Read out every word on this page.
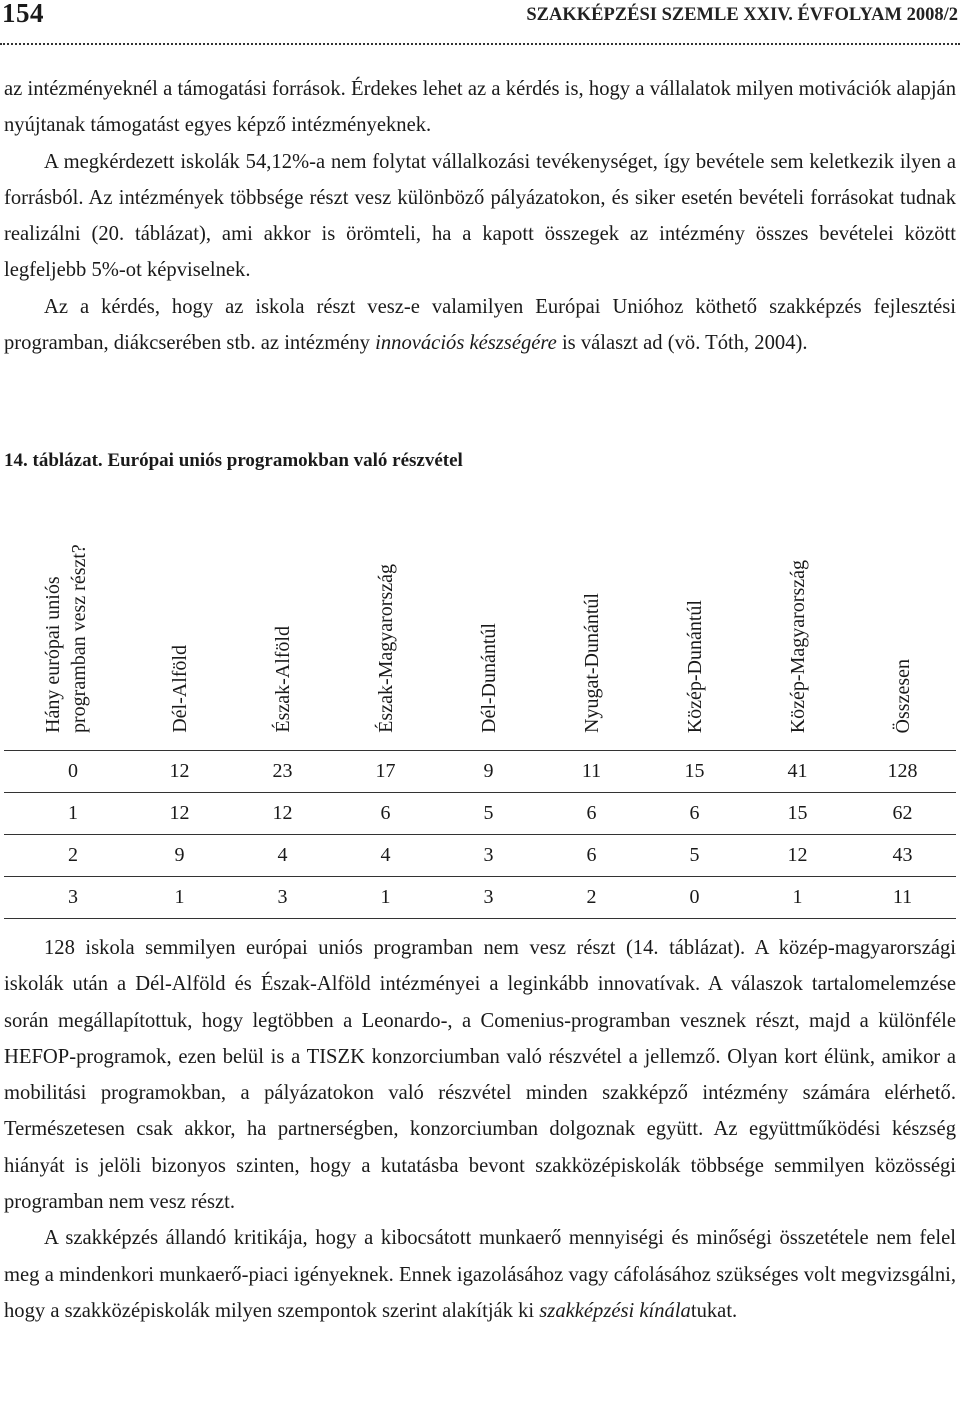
154	SZAKKÉPZÉSI SZEMLE XXIV. ÉVFOLYAM 2008/2

az intézményeknél a támogatási források. Érdekes lehet az a kérdés is, hogy a vállalatok milyen motivációk alapján nyújtanak támogatást egyes képző intézményeknek.

A megkérdezett iskolák 54,12%-a nem folytat vállalkozási tevékenységet, így bevétele sem keletkezik ilyen a forrásból. Az intézmények többsége részt vesz különböző pályázatokon, és siker esetén bevételi forrásokat tudnak realizálni (20. táblázat), ami akkor is örömteli, ha a kapott összegek az intézmény összes bevételei között legfeljebb 5%-ot képviselnek.

Az a kérdés, hogy az iskola részt vesz-e valamilyen Európai Unióhoz köthető szakképzés fejlesztési programban, diákcserében stb. az intézmény innovációs készségére is választ ad (vö. Tóth, 2004).

14. táblázat. Európai uniós programokban való részvétel
Hány európai uniós programban vesz részt?	Dél-Alföld	Észak-Alföld	Észak-Magyarország	Dél-Dunántúl	Nyugat-Dunántúl	Közép-Dunántúl	Közép-Magyarország	Összesen
0	12	23	17	9	11	15	41	128
1	12	12	6	5	6	6	15	62
2	9	4	4	3	6	5	12	43
3	1	3	1	3	2	0	1	11

128 iskola semmilyen európai uniós programban nem vesz részt (14. táblázat). A közép-magyarországi iskolák után a Dél-Alföld és Észak-Alföld intézményei a leginkább innovatívak. A válaszok tartalomelemzése során megállapítottuk, hogy legtöbben a Leonardo-, a Comenius-programban vesznek részt, majd a különféle HEFOP-programok, ezen belül is a TISZK konzorciumban való részvétel a jellemző. Olyan kort élünk, amikor a mobilitási programokban, a pályázatokon való részvétel minden szakképző intézmény számára elérhető. Természetesen csak akkor, ha partnerségben, konzorciumban dolgoznak együtt. Az együttműködési készség hiányát is jelöli bizonyos szinten, hogy a kutatásba bevont szakközépiskolák többsége semmilyen közösségi programban nem vesz részt.

A szakképzés állandó kritikája, hogy a kibocsátott munkaerő mennyiségi és minőségi összetétele nem felel meg a mindenkori munkaerő-piaci igényeknek. Ennek igazolásához vagy cáfolásához szükséges volt megvizsgálni, hogy a szakközépiskolák milyen szempontok szerint alakítják ki szakképzési kínálatukat.
